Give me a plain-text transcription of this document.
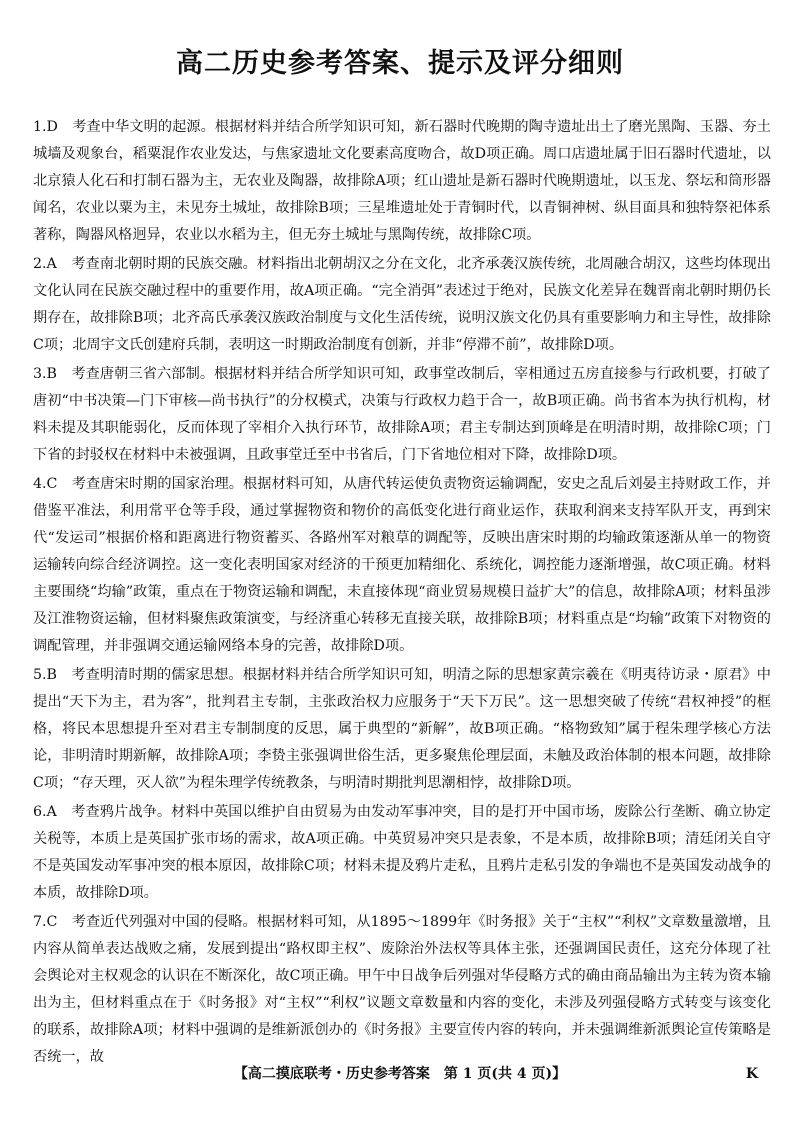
高二历史参考答案、提示及评分细则

1.D　 考查中华文明的起源。根据材料并结合所学知识可知，新石器时代晚期的陶寺遗址出土了磨光黑陶、玉器、夯土城墙及观象台，稻粟混作农业发达，与焦家遗址文化要素高度吻合，故D项正确。周口店遗址属于旧石器时代遗址，以北京猿人化石和打制石器为主，无农业及陶器，故排除A项；红山遗址是新石器时代晚期遗址，以玉龙、祭坛和筒形器闻名，农业以粟为主，未见夯土城址，故排除B项；三星堆遗址处于青铜时代，以青铜神树、纵目面具和独特祭祀体系著称，陶器风格迥异，农业以水稻为主，但无夯土城址与黑陶传统，故排除C项。

2.A　 考查南北朝时期的民族交融。材料指出北朝胡汉之分在文化，北齐承袭汉族传统，北周融合胡汉，这些均体现出文化认同在民族交融过程中的重要作用，故A项正确。“完全消弭”表述过于绝对，民族文化差异在魏晋南北朝时期仍长期存在，故排除B项；北齐高氏承袭汉族政治制度与文化生活传统，说明汉族文化仍具有重要影响力和主导性，故排除C项；北周宇文氏创建府兵制，表明这一时期政治制度有创新，并非“停滞不前”，故排除D项。

3.B　 考查唐朝三省六部制。根据材料并结合所学知识可知，政事堂改制后，宰相通过五房直接参与行政机要，打破了唐初“中书决策—门下审核—尚书执行”的分权模式，决策与行政权力趋于合一，故B项正确。尚书省本为执行机构，材料未提及其职能弱化，反而体现了宰相介入执行环节，故排除A项；君主专制达到顶峰是在明清时期，故排除C项；门下省的封驳权在材料中未被强调，且政事堂迁至中书省后，门下省地位相对下降，故排除D项。

4.C　 考查唐宋时期的国家治理。根据材料可知，从唐代转运使负责物资运输调配，安史之乱后刘晏主持财政工作，并借鉴平准法，利用常平仓等手段，通过掌握物资和物价的高低变化进行商业运作，获取利润来支持军队开支，再到宋代“发运司”根据价格和距离进行物资蓄买、各路州军对粮草的调配等，反映出唐宋时期的均输政策逐渐从单一的物资运输转向综合经济调控。这一变化表明国家对经济的干预更加精细化、系统化，调控能力逐渐增强，故C项正确。材料主要围绕“均输”政策，重点在于物资运输和调配，未直接体现“商业贸易规模日益扩大”的信息，故排除A项；材料虽涉及江淮物资运输，但材料聚焦政策演变，与经济重心转移无直接关联，故排除B项；材料重点是“均输”政策下对物资的调配管理，并非强调交通运输网络本身的完善，故排除D项。

5.B　 考查明清时期的儒家思想。根据材料并结合所学知识可知，明清之际的思想家黄宗羲在《明夷待访录・原君》中提出“天下为主，君为客”，批判君主专制，主张政治权力应服务于“天下万民”。这一思想突破了传统“君权神授”的框格，将民本思想提升至对君主专制制度的反思，属于典型的“新解”，故B项正确。“格物致知”属于程朱理学核心方法论，非明清时期新解，故排除A项；李贽主张强调世俗生活，更多聚焦伦理层面，未触及政治体制的根本问题，故排除C项；“存天理，灭人欲”为程朱理学传统教条，与明清时期批判思潮相悖，故排除D项。

6.A　 考查鸦片战争。材料中英国以维护自由贸易为由发动军事冲突，目的是打开中国市场，废除公行垄断、确立协定关税等，本质上是英国扩张市场的需求，故A项正确。中英贸易冲突只是表象，不是本质，故排除B项；清廷闭关自守不是英国发动军事冲突的根本原因，故排除C项；材料未提及鸦片走私，且鸦片走私引发的争端也不是英国发动战争的本质，故排除D项。

7.C　 考查近代列强对中国的侵略。根据材料可知，从1895～1899年《时务报》关于“主权”“利权”文章数量激增，且内容从简单表达战败之痛，发展到提出“路权即主权”、废除治外法权等具体主张，还强调国民责任，这充分体现了社会舆论对主权观念的认识在不断深化，故C项正确。甲午中日战争后列强对华侵略方式的确由商品输出为主转为资本输出为主，但材料重点在于《时务报》对“主权”“利权”议题文章数量和内容的变化，未涉及列强侵略方式转变与该变化的联系，故排除A项；材料中强调的是维新派创办的《时务报》主要宣传内容的转向，并未强调维新派舆论宣传策略是否统一，故

【高二摸底联考・历史参考答案　第 1 页(共 4 页)】	K
